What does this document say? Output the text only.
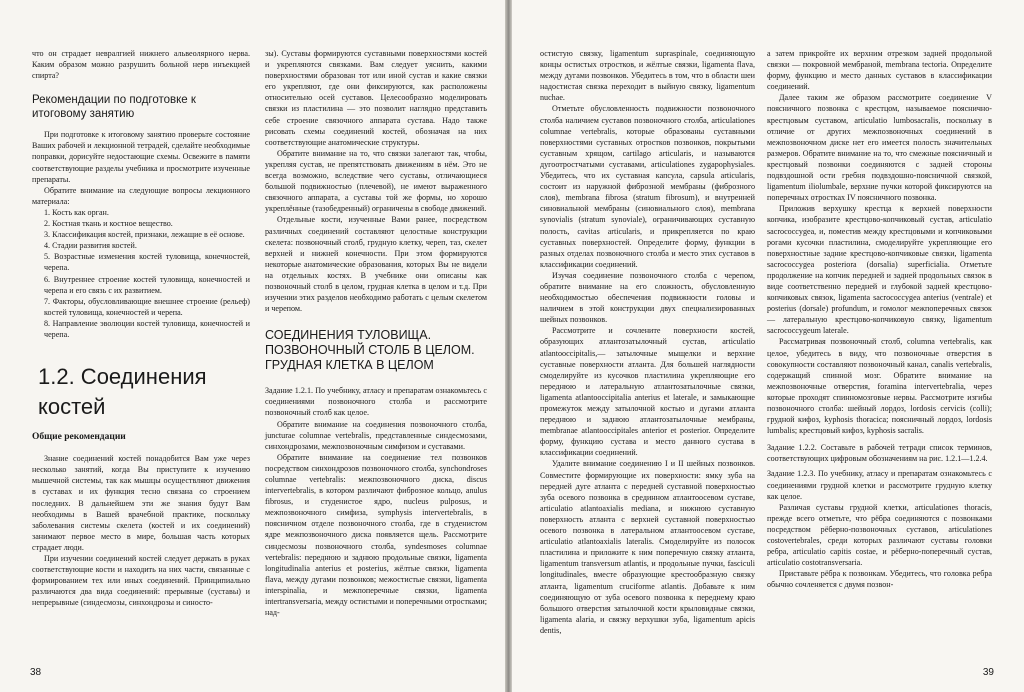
что он страдает невралгией нижнего альвеолярного нерва. Каким образом можно разрушить больной нерв инъекцией спирта?

Рекомендации по подготовке к итоговому занятию

При подготовке к итоговому занятию проверьте состояние Ваших рабочей и лекционной тетрадей, сделайте необходимые поправки, дорисуйте недостающие схемы. Освежите в памяти соответствующие разделы учебника и просмотрите изученные препараты.

Обратите внимание на следующие вопросы лекционного материала:

1. Кость как орган.

2. Костная ткань и костное вещество.

3. Классификация костей, признаки, лежащие в её основе.

4. Стадии развития костей.

5. Возрастные изменения костей туловища, конечностей, черепа.

6. Внутреннее строение костей туловища, конечностей и черепа и его связь с их развитием.

7. Факторы, обусловливающие внешнее строение (рельеф) костей туловища, конечностей и черепа.

8. Направление эволюции костей туловища, конечностей и черепа.

1.2. Соединения костей
Общие рекомендации

Знание соединений костей понадобится Вам уже через несколько занятий, когда Вы приступите к изучению мышечной системы, так как мышцы осуществляют движения в суставах и их функция тесно связана со строением последних. В дальнейшем эти же знания будут Вам необходимы в Вашей врачебной практике, поскольку заболевания системы скелета (костей и их соединений) занимают первое место в мире, большая часть которых страдает люди.

При изучении соединений костей следует держать в руках соответствующие кости и находить на них части, связанные с формированием тех или иных соединений. Принципиально различаются два вида соединений: прерывные (суставы) и непрерывные (синдесмозы, синхондрозы и синосто-

зы). Суставы формируются суставными поверхностями костей и укрепляются связками. Вам следует уяснить, какими поверхностями образован тот или иной сустав и какие связки его укрепляют, где они фиксируются, как расположены относительно осей суставов. Целесообразно моделировать связки из пластилина — это позволит наглядно представить себе строение связочного аппарата сустава. Надо также рисовать схемы соединений костей, обозначая на них соответствующие анатомические структуры.

Обратите внимание на то, что связки залегают так, чтобы, укрепляя сустав, не препятствовать движениям в нём. Это не всегда возможно, вследствие чего суставы, отличающиеся большой подвижностью (плечевой), не имеют выраженного связочного аппарата, а суставы той же формы, но хорошо укреплённые (тазобедренный) ограничены в свободе движений.

Отдельные кости, изученные Вами ранее, посредством различных соединений составляют целостные конструкции скелета: позвоночный столб, грудную клетку, череп, таз, скелет верхней и нижней конечности. При этом формируются некоторые анатомические образования, которых Вы не видели на отдельных костях. В учебнике они описаны как позвоночный столб в целом, грудная клетка в целом и т.д. При изучении этих разделов необходимо работать с целым скелетом и черепом.

СОЕДИНЕНИЯ ТУЛОВИЩА. ПОЗВОНОЧНЫЙ СТОЛБ В ЦЕЛОМ. ГРУДНАЯ КЛЕТКА В ЦЕЛОМ

Задание 1.2.1. По учебнику, атласу и препаратам ознакомьтесь с соединениями позвоночного столба и рассмотрите позвоночный столб как целое.

Обратите внимание на соединения позвоночного столба, juncturae columnae vertebralis, представленные синдесмозами, синхондрозами, межпозвоночным симфизом и суставами.

Обратите внимание на соединение тел позвонков посредством синхондрозов позвоночного столба, synchondroses columnae vertebralis: межпозвоночного диска, discus intervertebralis, в котором различают фиброзное кольцо, anulus fibrosus, и студенистое ядро, nucleus pulposus, и межпозвоночного симфиза, symphysis intervertebralis, в поясничном отделе позвоночного столба, где в студенистом ядре межпозвоночного диска появляется щель. Рассмотрите синдесмозы позвоночного столба, syndesmoses columnae vertebralis: переднюю и заднюю продольные связки, ligamenta longitudinalia anterius et posterius, жёлтые связки, ligamenta flava, между дугами позвонков; межостистые связки, ligamenta interspinalia, и межпоперечные связки, ligamenta intertransversaria, между остистыми и поперечными отростками; над-

38

остистую связку, ligamentum supraspinale, соединяющую концы остистых отростков, и жёлтые связки, ligamenta flava, между дугами позвонков. Убедитесь в том, что в области шеи надостистая связка переходит в выйную связку, ligamentum nuchae.

Отметьте обусловленность подвижности позвоночного столба наличием суставов позвоночного столба, articulationes columnae vertebralis, которые образованы суставными поверхностями суставных отростков позвонков, покрытыми суставным хрящом, cartilago articularis, и называются дугоотростчатыми суставами, articulationes zygapophysiales. Убедитесь, что их суставная капсула, capsula articularis, состоит из наружной фиброзной мембраны (фиброзного слоя), membrana fibrosa (stratum fibrosum), и внутренней синовиальной мембраны (синовиального слоя), membrana synovialis (stratum synoviale), ограничивающих суставную полость, cavitas articularis, и прикрепляется по краю суставных поверхностей. Определите форму, функции в разных отделах позвоночного столба и место этих суставов в классификации соединений.

Изучая соединение позвоночного столба с черепом, обратите внимание на его сложность, обусловленную необходимостью обеспечения подвижности головы и наличием в этой конструкции двух специализированных шейных позвонков.

Рассмотрите и сочлените поверхности костей, образующих атлантозатылочный сустав, articulatio atlantooccipitalis,— затылочные мыщелки и верхние суставные поверхности атланта. Для большей наглядности смоделируйте из кусочков пластилина укрепляющие его переднюю и латеральную атлантозатылочные связки, ligamenta atlantooccipitalia anterius et laterale, и замыкающие промежуток между затылочной костью и дугами атланта переднюю и заднюю атлантозатылочные мембраны, membranae atlantooccipitales anterior et posterior. Определите форму, функцию сустава и место данного сустава в классификации соединений.

Удалите внимание соединению I и II шейных позвонков. Совместите формирующие их поверхности: ямку зуба на передней дуге атланта с передней суставной поверхностью зуба осевого позвонка в срединном атлантоосевом суставе, articulatio atlantoaxialis mediana, и нижнюю суставную поверхность атланта с верхней суставной поверхностью осевого позвонка в латеральном атлантоосевом суставе, articulatio atlantoaxialis lateralis. Смоделируйте из полосок пластилина и приложите к ним поперечную связку атланта, ligamentum transversum atlantis, и продольные пучки, fasciculi longitudinales, вместе образующие крестообразную связку атланта, ligamentum cruciforme atlantis. Добавьте к ним соединяющую от зуба осевого позвонка к переднему краю большого отверстия затылочной кости крыловидные связки, ligamenta alaria, и связку верхушки зуба, ligamentum apicis dentis,

а затем прикройте их верхним отрезком задней продольной связки — покровной мембраной, membrana tectoria. Определите форму, функцию и место данных суставов в классификации соединений.

Далее таким же образом рассмотрите соединение V поясничного позвонка с крестцом, называемое пояснично-крестцовым суставом, articulatio lumbosacralis, поскольку в отличие от других межпозвоночных соединений в межпозвоночном диске нет его имеется полость значительных размеров. Обратите внимание на то, что смежные поясничный и крестцовый позвонки соединяются с задней стороны подвздошной ости гребня подвздошно-поясничной связкой, ligamentum iliolumbale, верхние пучки которой фиксируются на поперечных отростках IV поясничного позвонка.

Приложив верхушку крестца к верхней поверхности копчика, изобразите крестцово-копчиковый сустав, articulatio sacrococcygea, и, поместив между крестцовыми и копчиковыми рогами кусочки пластилина, смоделируйте укрепляющие его поверхностные задние крестцово-копчиковые связки, ligamenta sacrococcygea posteriora (dorsalia) superficialia. Отметьте продолжение на копчик передней и задней продольных связок в виде соответственно передней и глубокой задней крестцово-копчиковых связок, ligamenta sacrococcygea anterius (ventrale) et posterius (dorsale) profundum, и гомолог межпоперечных связок — латеральную крестцово-копчиковую связку, ligamentum sacrococcygeum laterale.

Рассматривая позвоночный столб, columna vertebralis, как целое, убедитесь в виду, что позвоночные отверстия в совокупности составляют позвоночный канал, canalis vertebralis, содержащий спинной мозг. Обратите внимание на межпозвоночные отверстия, foramina intervertebralia, через которые проходят спинномозговые нервы. Рассмотрите изгибы позвоночного столба: шейный лордоз, lordosis cervicis (colli); грудной кифоз, kyphosis thoracica; поясничный лордоз, lordosis lumbalis; крестцовый кифоз, kyphosis sacralis.

Задание 1.2.2. Составьте в рабочей тетради список терминов, соответствующих цифровым обозначениям на рис. 1.2.1—1.2.4.

Задание 1.2.3. По учебнику, атласу и препаратам ознакомьтесь с соединениями грудной клетки и рассмотрите грудную клетку как целое.

Различая суставы грудной клетки, articulationes thoracis, прежде всего отметьте, что рёбра соединяются с позвонками посредством рёберно-позвоночных суставов, articulationes costovertebrales, среди которых различают суставы головки ребра, articulatio capitis costae, и рёберно-поперечный сустав, articulatio costotransversaria.

Приставьте рёбра к позвонкам. Убедитесь, что головка ребра обычно сочленяется с двумя позвон-

39
